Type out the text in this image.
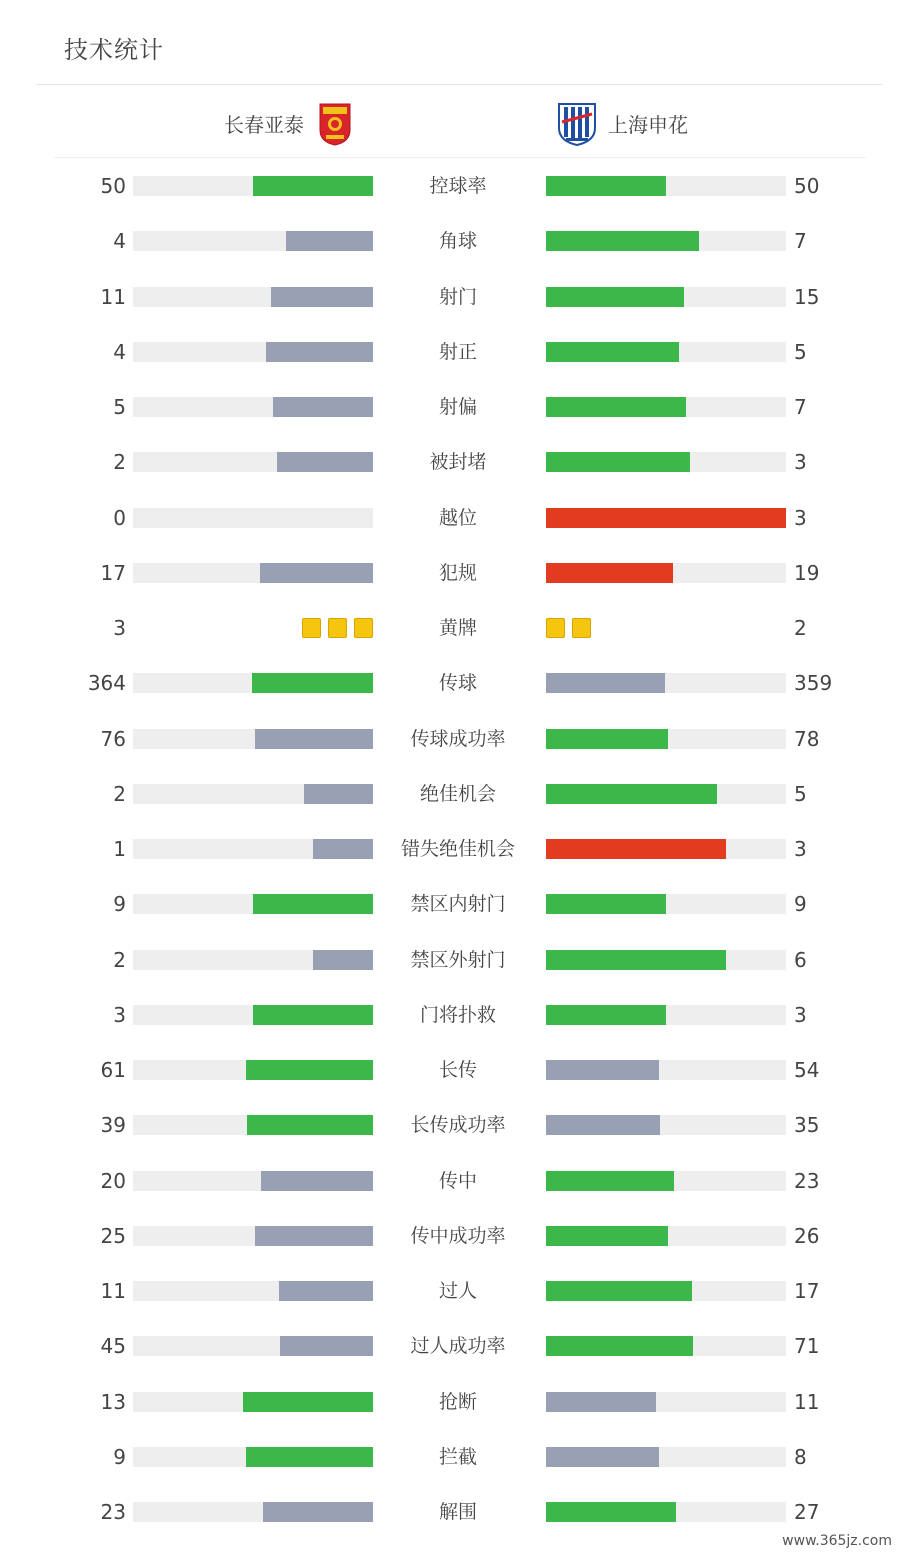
技术统计
长春亚泰	上海申花
50	控球率	50
4	角球	7
11	射门	15
4	射正	5
5	射偏	7
2	被封堵	3
0	越位	3
17	犯规	19
3	黄牌	2
364	传球	359
76	传球成功率	78
2	绝佳机会	5
1	错失绝佳机会	3
9	禁区内射门	9
2	禁区外射门	6
3	门将扑救	3
61	长传	54
39	长传成功率	35
20	传中	23
25	传中成功率	26
11	过人	17
45	过人成功率	71
13	抢断	11
9	拦截	8
23	解围	27
www.365jz.com
